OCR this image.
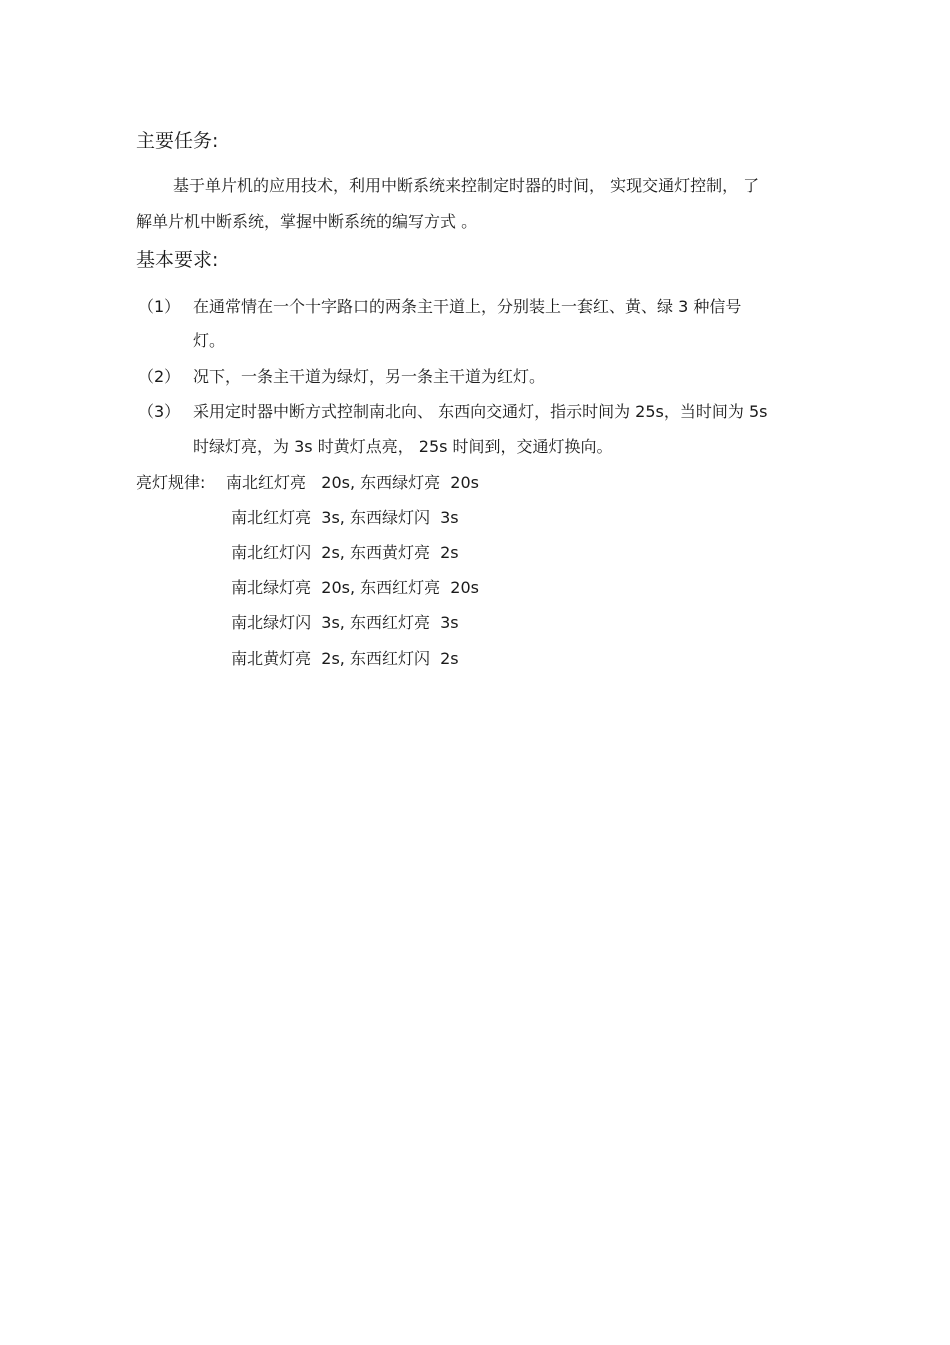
主要任务:
基于单片机的应用技术，利用中断系统来控制定时器的时间， 实现交通灯控制， 了
解单片机中断系统，掌握中断系统的编写方式 。
基本要求:
（1） 在通常情在一个十字路口的两条主干道上，分别装上一套红、黄、绿 3 种信号
灯。
（2） 况下，一条主干道为绿灯，另一条主干道为红灯。
（3） 采用定时器中断方式控制南北向、 东西向交通灯，指示时间为 25s，当时间为 5s
时绿灯亮，为 3s 时黄灯点亮， 25s 时间到，交通灯换向。
亮灯规律: 南北红灯亮   20s, 东西绿灯亮  20s
南北红灯亮  3s, 东西绿灯闪  3s
南北红灯闪  2s, 东西黄灯亮  2s
南北绿灯亮  20s, 东西红灯亮  20s
南北绿灯闪  3s, 东西红灯亮  3s
南北黄灯亮  2s, 东西红灯闪  2s
